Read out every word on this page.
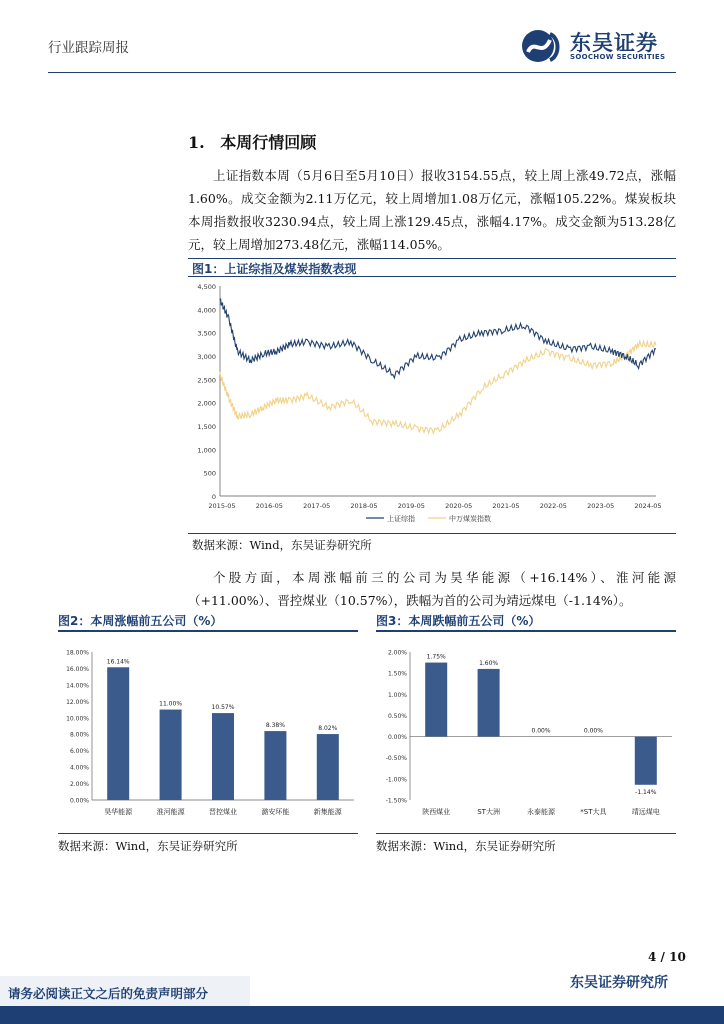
行业跟踪周报	东吴证券
SOOCHOW SECURITIES
1. 本周行情回顾
上证指数本周（5月6日至5月10日）报收3154.55点，较上周上涨49.72点，涨幅1.60%。成交金额为2.11万亿元，较上周增加1.08万亿元，涨幅105.22%。煤炭板块本周指数报收3230.94点，较上周上涨129.45点，涨幅4.17%。成交金额为513.28亿元，较上周增加273.48亿元，涨幅114.05%。
图1：上证综指及煤炭指数表现
0
500
1,000
1,500
2,000
2,500
3,000
3,500
4,000
4,500
2015-05	2016-05	2017-05	2018-05	2019-05	2020-05	2021-05	2022-05	2023-05	2024-05
上证综指	中万煤炭指数
数据来源：Wind，东吴证券研究所
个股方面，本周涨幅前三的公司为昊华能源（+16.14%）、淮河能源（+11.00%）、晋控煤业（10.57%），跌幅为首的公司为靖远煤电（-1.14%）。
图2：本周涨幅前五公司（%）
0.00%
2.00%
4.00%
6.00%
8.00%
10.00%
12.00%
14.00%
16.00%
18.00%
16.14%
昊华能源
11.00%
淮河能源
10.57%
晋控煤业
8.38%
潞安环能
8.02%
新集能源
数据来源：Wind，东吴证券研究所
图3：本周跌幅前五公司（%）
-1.50%
-1.00%
-0.50%
0.00%
0.50%
1.00%
1.50%
2.00%
1.75%
陕西煤业
1.60%
ST大洲
0.00%
永泰能源
0.00%
*ST大具
-1.14%
靖远煤电
数据来源：Wind，东吴证券研究所
4 / 10
请务必阅读正文之后的免责声明部分
东吴证券研究所
